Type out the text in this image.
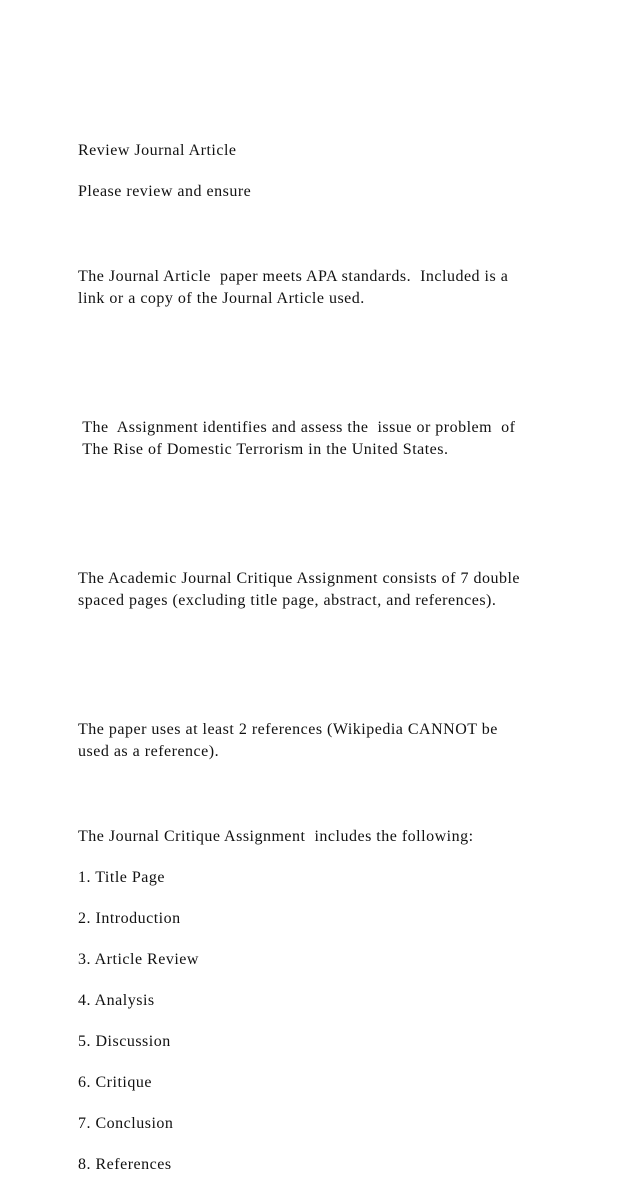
Review Journal Article

Please review and ensure

The Journal Article  paper meets APA standards.  Included is a
link or a copy of the Journal Article used.

The  Assignment identifies and assess the  issue or problem  of
The Rise of Domestic Terrorism in the United States.

The Academic Journal Critique Assignment consists of 7 double
spaced pages (excluding title page, abstract, and references).

The paper uses at least 2 references (Wikipedia CANNOT be
used as a reference).

The Journal Critique Assignment  includes the following:

1. Title Page
2. Introduction
3. Article Review
4. Analysis
5. Discussion
6. Critique
7. Conclusion
8. References
